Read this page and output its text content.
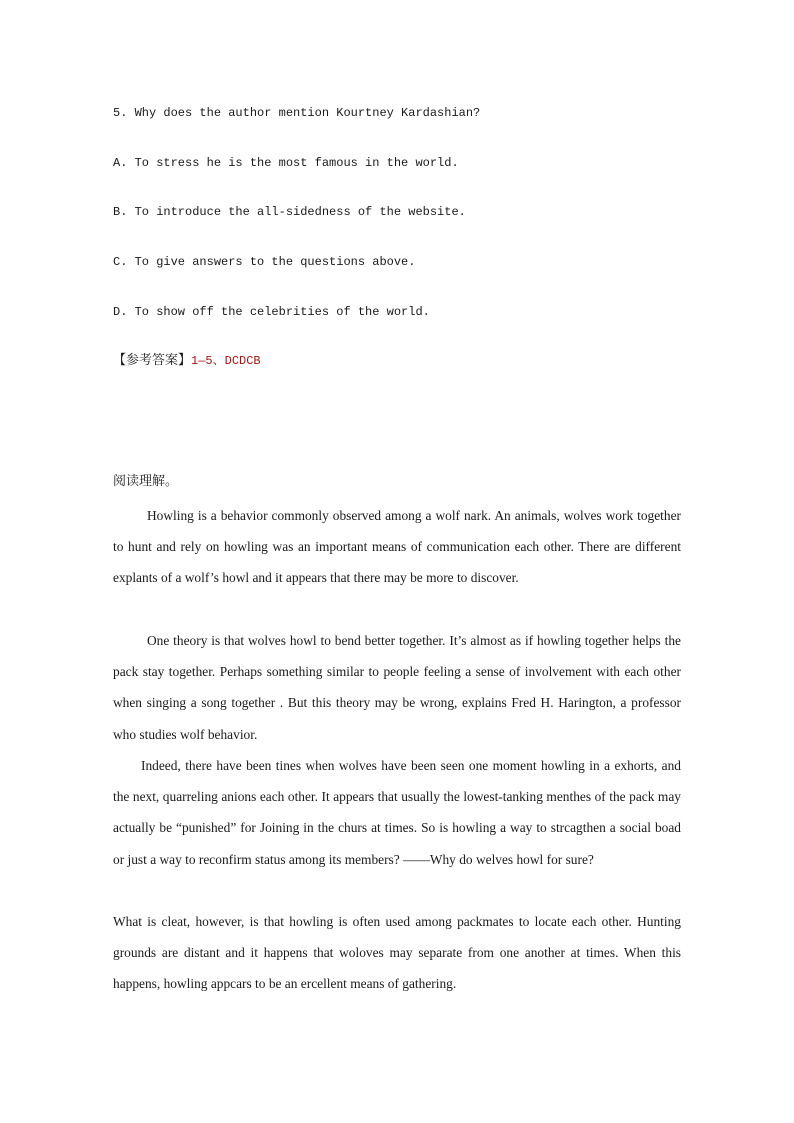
5. Why does the author mention Kourtney Kardashian?
A. To stress he is the most famous in the world.
B. To introduce the all-sidedness of the website.
C. To give answers to the questions above.
D. To show off the celebrities of the world.
【参考答案】1—5、DCDCB
阅读理解。

Howling is a behavior commonly observed among a wolf nark. An animals, wolves work together to hunt and rely on howling was an important means of communication each other. There are different explants of a wolf’s howl and it appears that there may be more to discover.

One theory is that wolves howl to bend better together. It’s almost as if howling together helps the pack stay together. Perhaps something similar to people feeling a sense of involvement with each other when singing a song together . But this theory may be wrong, explains Fred H. Harington, a professor who studies wolf behavior.

Indeed, there have been tines when wolves have been seen one moment howling in a exhorts, and the next, quarreling anions each other. It appears that usually the lowest-tanking menthes of the pack may actually be “punished” for Joining in the churs at times. So is howling a way to strcagthen a social boad or just a way to reconfirm status among its members? ——Why do welves howl for sure?

What is cleat, however, is that howling is often used among packmates to locate each other. Hunting grounds are distant and it happens that woloves may separate from one another at times. When this happens, howling appcars to be an ercellent means of gathering.
